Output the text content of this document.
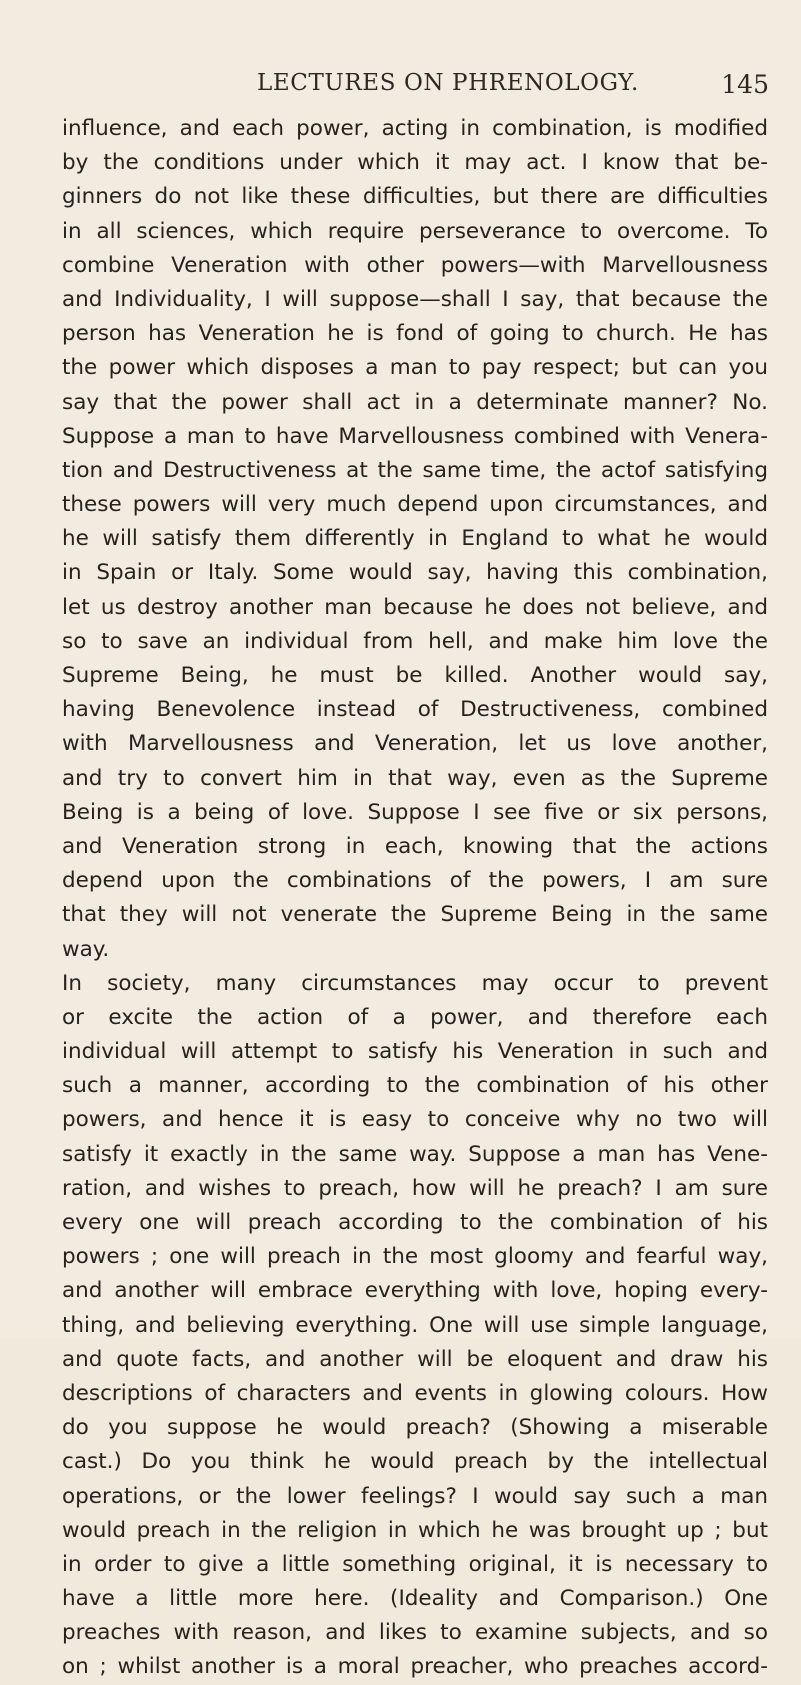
LECTURES ON PHRENOLOGY.	145
influence, and each power, acting in combination, is modified
by the conditions under which it may act. I know that be-
ginners do not like these difficulties, but there are difficulties
in all sciences, which require perseverance to overcome. To
combine Veneration with other powers—with Marvellousness
and Individuality, I will suppose—shall I say, that because the
person has Veneration he is fond of going to church. He has
the power which disposes a man to pay respect; but can you
say that the power shall act in a determinate manner? No.
Suppose a man to have Marvellousness combined with Venera-
tion and Destructiveness at the same time, the actof satisfying
these powers will very much depend upon circumstances, and
he will satisfy them differently in England to what he would
in Spain or Italy. Some would say, having this combination,
let us destroy another man because he does not believe, and
so to save an individual from hell, and make him love the
Supreme Being, he must be killed. Another would say,
having Benevolence instead of Destructiveness, combined
with Marvellousness and Veneration, let us love another,
and try to convert him in that way, even as the Supreme
Being is a being of love. Suppose I see five or six persons,
and Veneration strong in each, knowing that the actions
depend upon the combinations of the powers, I am sure
that they will not venerate the Supreme Being in the same
way.
In society, many circumstances may occur to prevent
or excite the action of a power, and therefore each
individual will attempt to satisfy his Veneration in such and
such a manner, according to the combination of his other
powers, and hence it is easy to conceive why no two will
satisfy it exactly in the same way. Suppose a man has Vene-
ration, and wishes to preach, how will he preach? I am sure
every one will preach according to the combination of his
powers ; one will preach in the most gloomy and fearful way,
and another will embrace everything with love, hoping every-
thing, and believing everything. One will use simple language,
and quote facts, and another will be eloquent and draw his
descriptions of characters and events in glowing colours. How
do you suppose he would preach? (Showing a miserable
cast.) Do you think he would preach by the intellectual
operations, or the lower feelings? I would say such a man
would preach in the religion in which he was brought up ; but
in order to give a little something original, it is necessary to
have a little more here. (Ideality and Comparison.) One
preaches with reason, and likes to examine subjects, and so
on ; whilst another is a moral preacher, who preaches accord-
